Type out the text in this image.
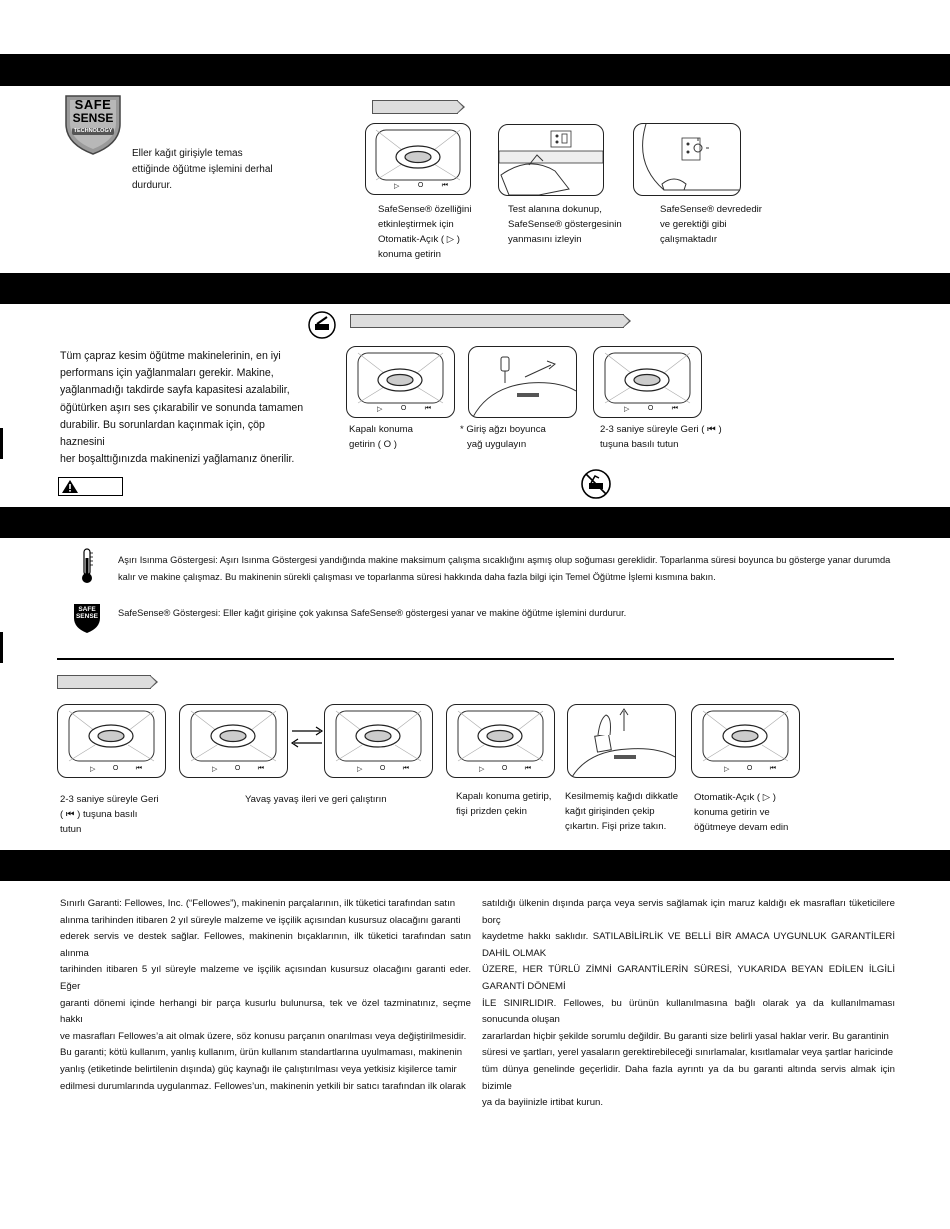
SAFE
SENSE
TECHNOLOGY
Eller kağıt girişiyle temas ettiğinde öğütme işlemini derhal durdurur.	▷	O	⏮
SafeSense® özelliğini
etkinleştirmek için
Otomatik-Açık ( ▷ )
konuma getirin
Test alanına dokunup,
SafeSense® göstergesinin
yanmasını izleyin
SafeSense® devrededir
ve gerektiği gibi
çalışmaktadır
Tüm çapraz kesim öğütme makinelerinin, en iyi
performans için yağlanmaları gerekir. Makine,
yağlanmadığı takdirde sayfa kapasitesi azalabilir,
öğütürken aşırı ses çıkarabilir ve sonunda tamamen
durabilir. Bu sorunlardan kaçınmak için, çöp haznesini
her boşalttığınızda makinenizi yağlamanız önerilir.
▷	O	⏮	▷	O	⏮
Kapalı konuma
getirin ( O )
* Giriş ağzı boyunca
yağ uygulayın
2-3 saniye süreyle Geri ( ⏮ )
tuşuna basılı tutun
Aşırı Isınma Göstergesi: Aşırı Isınma Göstergesi yandığında makine maksimum çalışma sıcaklığını aşmış olup soğuması gereklidir. Toparlanma süresi boyunca bu gösterge yanar durumda
kalır ve makine çalışmaz. Bu makinenin sürekli çalışması ve toparlanma süresi hakkında daha fazla bilgi için Temel Öğütme İşlemi kısmına bakın.
SAFE
SENSE	SafeSense® Göstergesi: Eller kağıt girişine çok yakınsa SafeSense® göstergesi yanar ve makine öğütme işlemini durdurur.
▷ O ⏮	▷ O ⏮	▷ O ⏮	▷ O ⏮	▷ O ⏮
2-3 saniye süreyle Geri
( ⏮ ) tuşuna basılı
tutun
Yavaş yavaş ileri ve geri çalıştırın	Kapalı konuma getirip,
fişi prizden çekin
Kesilmemiş kağıdı dikkatle
kağıt girişinden çekip
çıkartın. Fişi prize takın.
Otomatik-Açık ( ▷ )
konuma getirin ve
öğütmeye devam edin
Sınırlı Garanti: Fellowes, Inc. (“Fellowes”), makinenin parçalarının, ilk tüketici tarafından satın
alınma tarihinden itibaren 2 yıl süreyle malzeme ve işçilik açısından kusursuz olacağını garanti
ederek servis ve destek sağlar. Fellowes, makinenin bıçaklarının, ilk tüketici tarafından satın alınma
tarihinden itibaren 5 yıl süreyle malzeme ve işçilik açısından kusursuz olacağını garanti eder. Eğer
garanti dönemi içinde herhangi bir parça kusurlu bulunursa, tek ve özel tazminatınız, seçme hakkı
ve masrafları Fellowes’a ait olmak üzere, söz konusu parçanın onarılması veya değiştirilmesidir.
Bu garanti; kötü kullanım, yanlış kullanım, ürün kullanım standartlarına uyulmaması, makinenin
yanlış (etiketinde belirtilenin dışında) güç kaynağı ile çalıştırılması veya yetkisiz kişilerce tamir
edilmesi durumlarında uygulanmaz. Fellowes’un, makinenin yetkili bir satıcı tarafından ilk olarak
satıldığı ülkenin dışında parça veya servis sağlamak için maruz kaldığı ek masrafları tüketicilere borç
kaydetme hakkı saklıdır. SATILABİLİRLİK VE BELLİ BİR AMACA UYGUNLUK GARANTİLERİ DAHİL OLMAK
ÜZERE, HER TÜRLÜ ZİMNİ GARANTİLERİN SÜRESİ, YUKARIDA BEYAN EDİLEN İLGİLİ GARANTİ DÖNEMİ
İLE SINIRLIDIR. Fellowes, bu ürünün kullanılmasına bağlı olarak ya da kullanılmaması sonucunda oluşan
zararlardan hiçbir şekilde sorumlu değildir. Bu garanti size belirli yasal haklar verir. Bu garantinin
süresi ve şartları, yerel yasaların gerektirebileceği sınırlamalar, kısıtlamalar veya şartlar haricinde
tüm dünya genelinde geçerlidir. Daha fazla ayrıntı ya da bu garanti altında servis almak için bizimle
ya da bayiinizle irtibat kurun.
